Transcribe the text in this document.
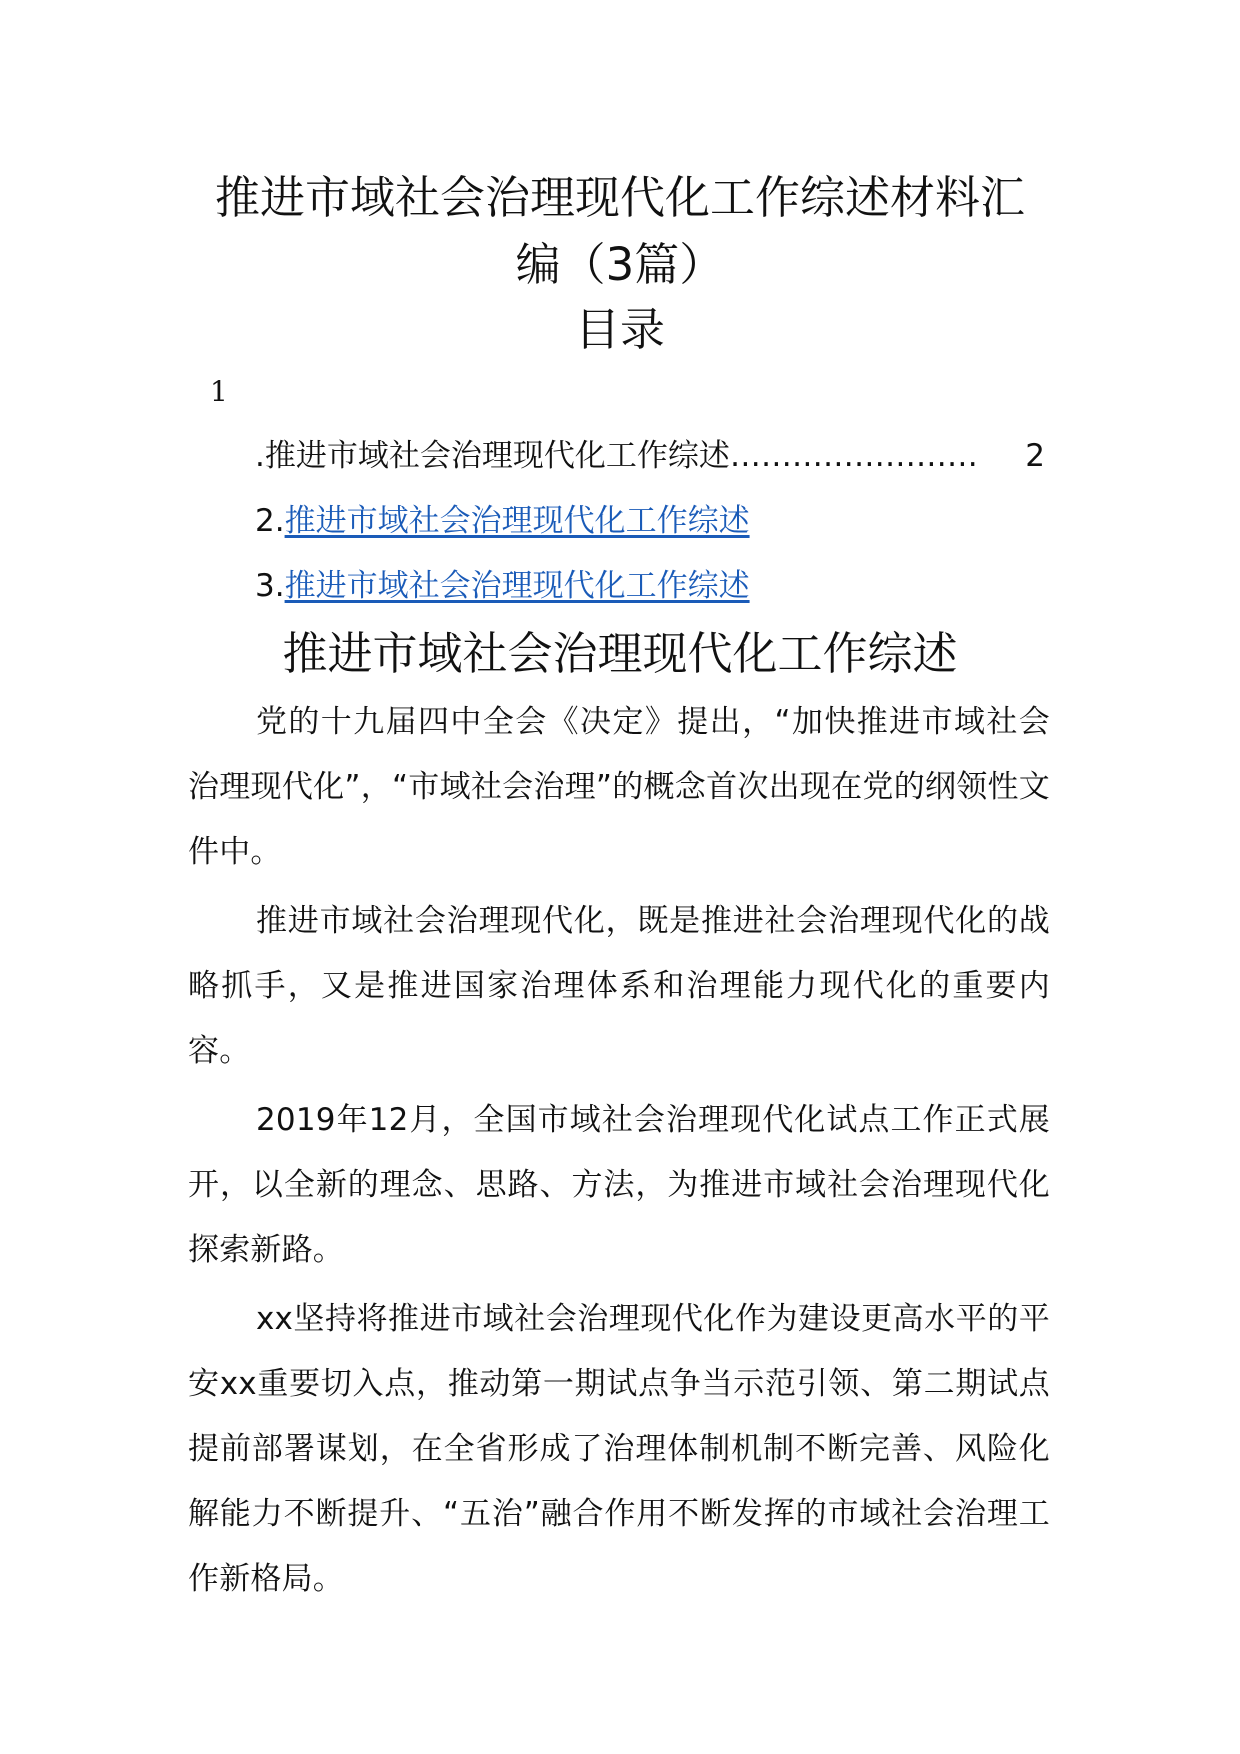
推进市域社会治理现代化工作综述材料汇
编（3篇）
目录
1
.推进市域社会治理现代化工作综述 ……………………	2
2.推进市域社会治理现代化工作综述
3.推进市域社会治理现代化工作综述
推进市域社会治理现代化工作综述

党的十九届四中全会《决定》提出，“加快推进市域社会治理现代化”，“市域社会治理”的概念首次出现在党的纲领性文件中。

推进市域社会治理现代化，既是推进社会治理现代化的战略抓手，又是推进国家治理体系和治理能力现代化的重要内容。

2019年12月，全国市域社会治理现代化试点工作正式展开，以全新的理念、思路、方法，为推进市域社会治理现代化探索新路。

xx坚持将推进市域社会治理现代化作为建设更高水平的平安xx重要切入点，推动第一期试点争当示范引领、第二期试点提前部署谋划，在全省形成了治理体制机制不断完善、风险化解能力不断提升、“五治”融合作用不断发挥的市域社会治理工作新格局。
